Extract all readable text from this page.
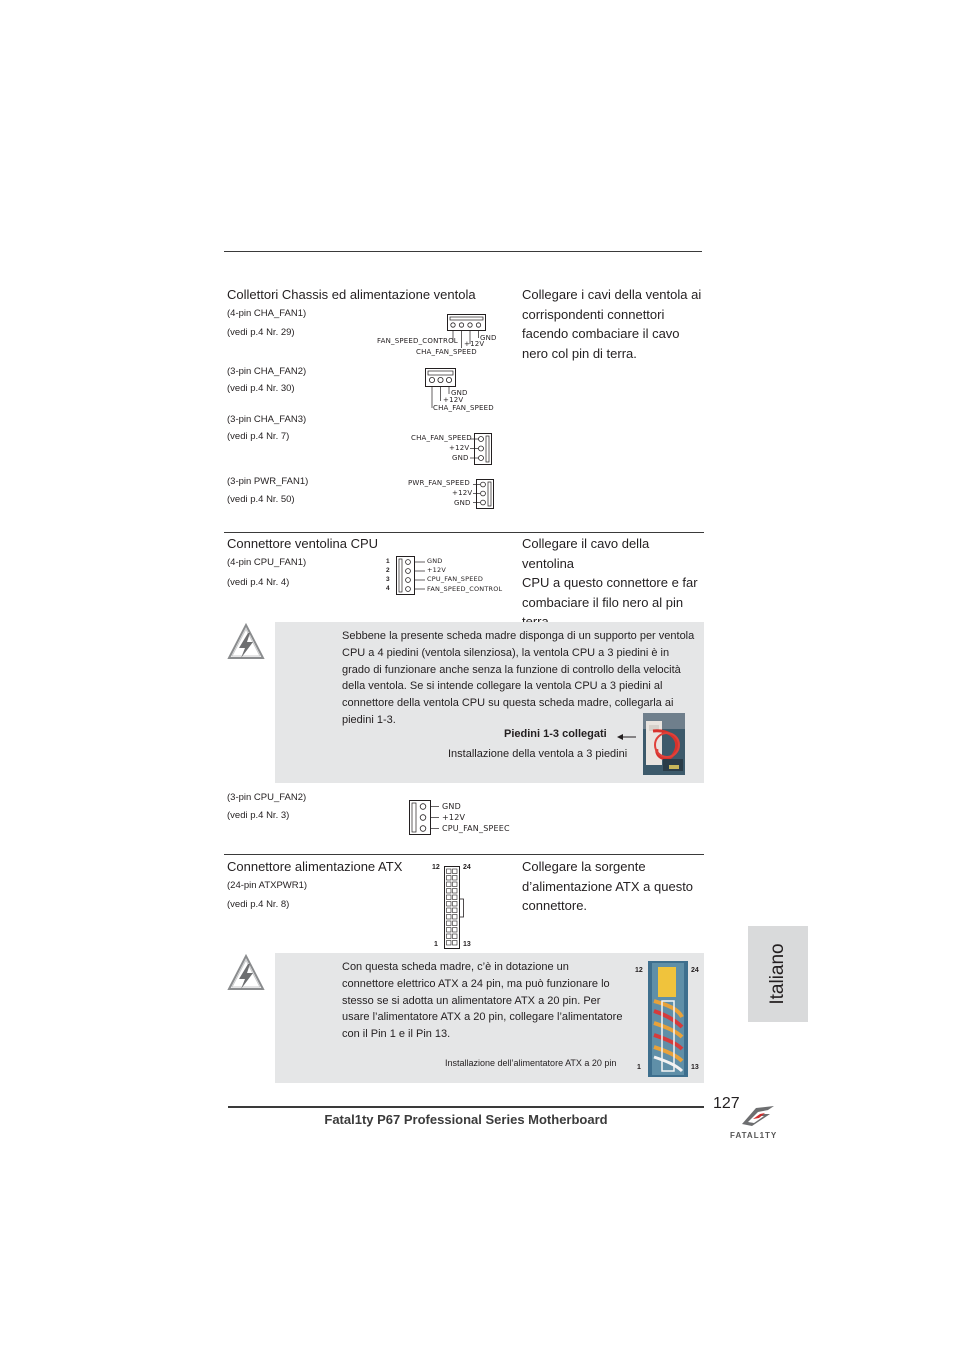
Collettori Chassis ed alimentazione ventola	Collegare i cavi della ventola ai
corrispondenti connettori
facendo combaciare il cavo
nero col pin di terra.
(4-pin CHA_FAN1)
(vedi p.4 Nr. 29)
(3-pin CHA_FAN2)
(vedi p.4 Nr. 30)
(3-pin CHA_FAN3)
(vedi p.4 Nr. 7)
(3-pin PWR_FAN1)
(vedi p.4 Nr. 50)
FAN_SPEED_CONTROL +12V
GND
CHA_FAN_SPEED
GND
+12V
CHA_FAN_SPEED
CHA_FAN_SPEED
+12V
GND
PWR_FAN_SPEED
+12V
GND
Connettore ventolina CPU
(4-pin CPU_FAN1)
(vedi p.4 Nr. 4)
Collegare il cavo della ventolina
CPU a questo connettore e far
combaciare il filo nero al pin
1
2
3
4
GND
+12V
CPU_FAN_SPEED
FAN_SPEED_CONTROL
Sebbene la presente scheda madre disponga di un supporto per ventola
CPU a 4 piedini (ventola silenziosa), la ventola CPU a 3 piedini è in
grado di funzionare anche senza la funzione di controllo della velocità
della ventola. Se si intende collegare la ventola CPU a 3 piedini al
connettore della ventola CPU su questa scheda madre, collegarla ai
piedini 1-3.
Piedini 1-3 collegati
Installazione della ventola a 3 piedini
(3-pin CPU_FAN2)
(vedi p.4 Nr. 3)
GND
+12V
CPU_FAN_SPEEC
Connettore alimentazione ATX
(24-pin ATXPWR1)
(vedi p.4 Nr. 8)
Collegare la sorgente
d’alimentazione ATX a questo
connettore.
12	24
1	13
Con questa scheda madre, c’è in dotazione un
connettore elettrico ATX a 24 pin, ma può funzionare lo
stesso se si adotta un alimentatore ATX a 20 pin. Per
usare l’alimentatore ATX a 20 pin, collegare l’alimentatore
con il Pin 1 e il Pin 13.
Installazione dell’alimentatore ATX a 20 pin
12	24
1	13
Italiano
Fatal1ty P67 Professional Series Motherboard
127
FATAL1TY
